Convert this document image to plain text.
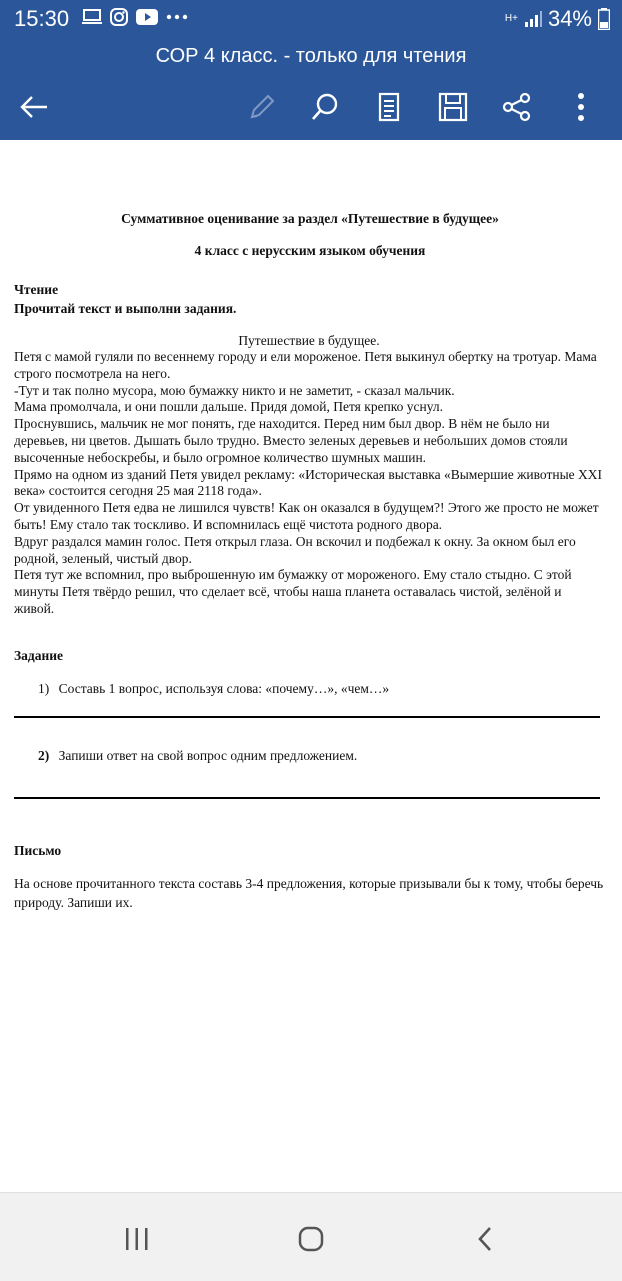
15:30	H+ 34%
СОР 4 класс. - только для чтения
Суммативное оценивание за раздел «Путешествие в будущее»
4 класс с нерусским языком обучения
Чтение
Прочитай текст и выполни задания.
Путешествие в будущее.
Петя с мамой гуляли по весеннему городу и ели мороженое. Петя выкинул обертку на тротуар. Мама строго посмотрела на него.
-Тут и так полно мусора, мою бумажку никто и не заметит, - сказал мальчик.
Мама промолчала, и они пошли дальше. Придя домой, Петя крепко уснул.
Проснувшись, мальчик не мог понять, где находится. Перед ним был двор. В нём не было ни деревьев, ни цветов. Дышать было трудно. Вместо зеленых деревьев и небольших домов стояли высоченные небоскребы, и было огромное количество шумных машин.
Прямо на одном из зданий Петя увидел рекламу: «Историческая выставка «Вымершие животные XXI века» состоится сегодня 25 мая 2118 года».
От увиденного Петя едва не лишился чувств! Как он оказался в будущем?! Этого же просто не может быть! Ему стало так тоскливо. И вспомнилась ещё чистота родного двора.
Вдруг раздался мамин голос. Петя открыл глаза. Он вскочил и подбежал к окну. За окном был его родной, зеленый, чистый двор.
Петя тут же вспомнил, про выброшенную им бумажку от мороженого. Ему стало стыдно. С этой минуты Петя твёрдо решил, что сделает всё, чтобы наша планета оставалась чистой, зелёной и живой.
Задание
1) Составь 1 вопрос, используя слова: «почему…», «чем…»
2) Запиши ответ на свой вопрос одним предложением.
Письмо
На основе прочитанного текста составь 3-4 предложения, которые призывали бы к тому, чтобы беречь природу. Запиши их.
